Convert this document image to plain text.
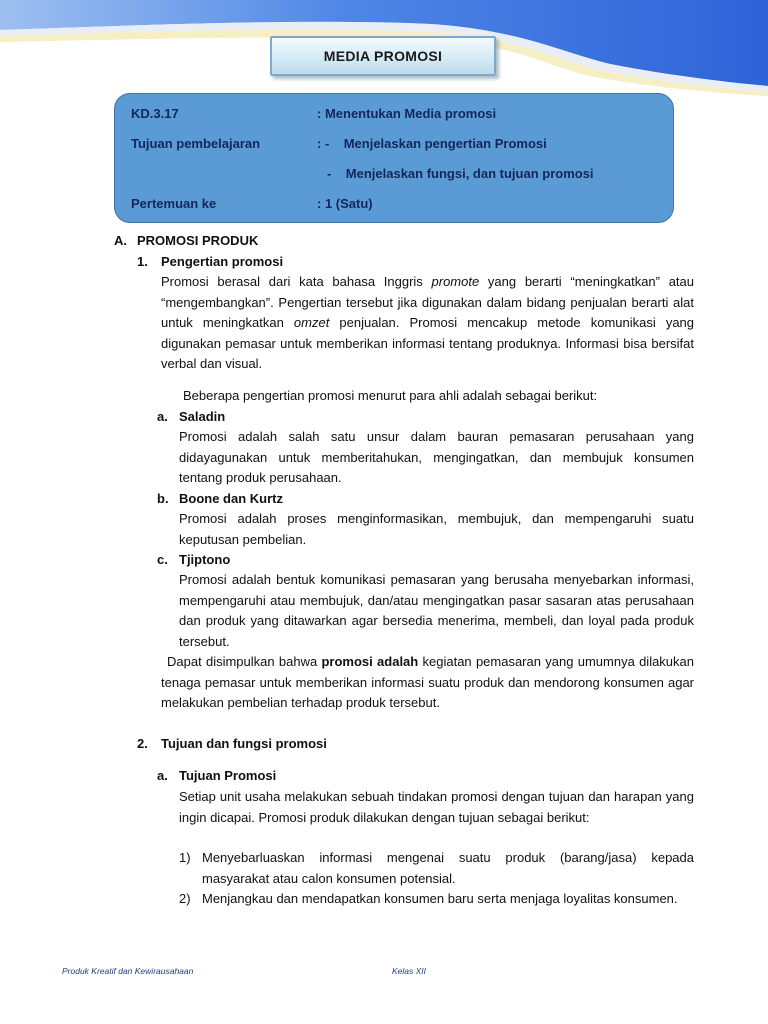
MEDIA PROMOSI
KD.3.17	: Menentukan Media promosi
Tujuan pembelajaran	: -    Menjelaskan pengertian Promosi
-    Menjelaskan fungsi, dan tujuan promosi
Pertemuan ke	: 1 (Satu)
A. PROMOSI PRODUK
1. Pengertian promosi
Promosi berasal dari kata bahasa Inggris promote yang berarti “meningkatkan” atau “mengembangkan”. Pengertian tersebut jika digunakan dalam bidang penjualan berarti alat untuk meningkatkan omzet penjualan. Promosi mencakup metode komunikasi yang digunakan pemasar untuk memberikan informasi tentang produknya. Informasi bisa bersifat verbal dan visual.
Beberapa pengertian promosi menurut para ahli adalah sebagai berikut:
a. Saladin
Promosi adalah salah satu unsur dalam bauran pemasaran perusahaan yang didayagunakan untuk memberitahukan, mengingatkan, dan membujuk konsumen tentang produk perusahaan.
b. Boone dan Kurtz
Promosi adalah proses menginformasikan, membujuk, dan mempengaruhi suatu keputusan pembelian.
c. Tjiptono
Promosi adalah bentuk komunikasi pemasaran yang berusaha menyebarkan informasi, mempengaruhi atau membujuk, dan/atau mengingatkan pasar sasaran atas perusahaan dan produk yang ditawarkan agar bersedia menerima, membeli, dan loyal pada produk tersebut.
Dapat disimpulkan bahwa promosi adalah kegiatan pemasaran yang umumnya dilakukan tenaga pemasar untuk memberikan informasi suatu produk dan mendorong konsumen agar melakukan pembelian terhadap produk tersebut.
2. Tujuan dan fungsi promosi
a. Tujuan Promosi
Setiap unit usaha melakukan sebuah tindakan promosi dengan tujuan dan harapan yang ingin dicapai. Promosi produk dilakukan dengan tujuan sebagai berikut:
1) Menyebarluaskan informasi mengenai suatu produk (barang/jasa) kepada masyarakat atau calon konsumen potensial.
2) Menjangkau dan mendapatkan konsumen baru serta menjaga loyalitas konsumen.
Produk Kreatif dan Kewirausahaan	Kelas XII
